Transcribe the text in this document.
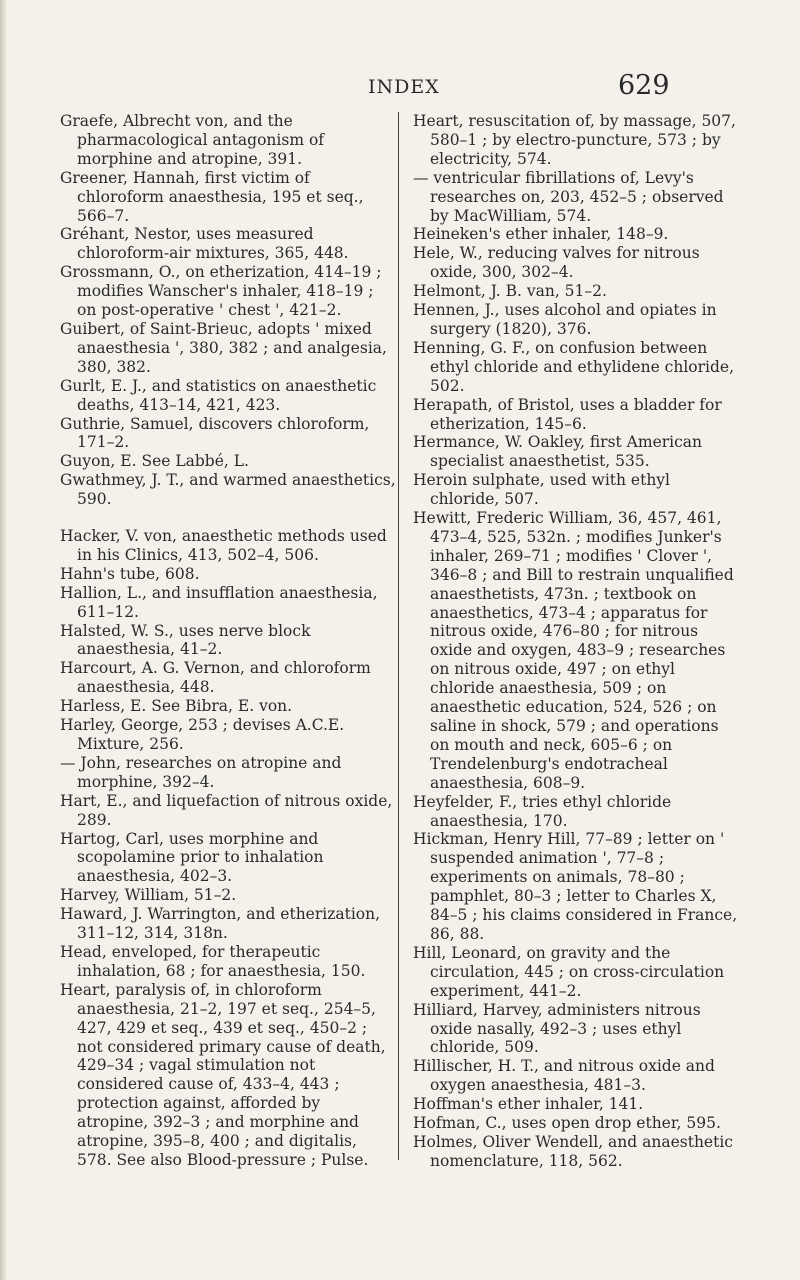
INDEX	629

Graefe, Albrecht von, and the pharmacological antagonism of morphine and atropine, 391.

Greener, Hannah, first victim of chloroform anaesthesia, 195 et seq., 566–7.

Gréhant, Nestor, uses measured chloroform-air mixtures, 365, 448.

Grossmann, O., on etherization, 414–19 ; modifies Wanscher's inhaler, 418–19 ; on post-operative ' chest ', 421–2.

Guibert, of Saint-Brieuc, adopts ' mixed anaesthesia ', 380, 382 ; and analgesia, 380, 382.

Gurlt, E. J., and statistics on anaesthetic deaths, 413–14, 421, 423.

Guthrie, Samuel, discovers chloroform, 171–2.

Guyon, E. See Labbé, L.

Gwathmey, J. T., and warmed anaesthetics, 590.

Hacker, V. von, anaesthetic methods used in his Clinics, 413, 502–4, 506.

Hahn's tube, 608.

Hallion, L., and insufflation anaesthesia, 611–12.

Halsted, W. S., uses nerve block anaesthesia, 41–2.

Harcourt, A. G. Vernon, and chloroform anaesthesia, 448.

Harless, E. See Bibra, E. von.

Harley, George, 253 ; devises A.C.E. Mixture, 256.

— John, researches on atropine and morphine, 392–4.

Hart, E., and liquefaction of nitrous oxide, 289.

Hartog, Carl, uses morphine and scopolamine prior to inhalation anaesthesia, 402–3.

Harvey, William, 51–2.

Haward, J. Warrington, and etherization, 311–12, 314, 318n.

Head, enveloped, for therapeutic inhalation, 68 ; for anaesthesia, 150.

Heart, paralysis of, in chloroform anaesthesia, 21–2, 197 et seq., 254–5, 427, 429 et seq., 439 et seq., 450–2 ; not considered primary cause of death, 429–34 ; vagal stimulation not considered cause of, 433–4, 443 ; protection against, afforded by atropine, 392–3 ; and morphine and atropine, 395–8, 400 ; and digitalis, 578. See also Blood-pressure ; Pulse.

Heart, resuscitation of, by massage, 507, 580–1 ; by electro-puncture, 573 ; by electricity, 574.

— ventricular fibrillations of, Levy's researches on, 203, 452–5 ; observed by MacWilliam, 574.

Heineken's ether inhaler, 148–9.

Hele, W., reducing valves for nitrous oxide, 300, 302–4.

Helmont, J. B. van, 51–2.

Hennen, J., uses alcohol and opiates in surgery (1820), 376.

Henning, G. F., on confusion between ethyl chloride and ethylidene chloride, 502.

Herapath, of Bristol, uses a bladder for etherization, 145–6.

Hermance, W. Oakley, first American specialist anaesthetist, 535.

Heroin sulphate, used with ethyl chloride, 507.

Hewitt, Frederic William, 36, 457, 461, 473–4, 525, 532n. ; modifies Junker's inhaler, 269–71 ; modifies ' Clover ', 346–8 ; and Bill to restrain unqualified anaesthetists, 473n. ; textbook on anaesthetics, 473–4 ; apparatus for nitrous oxide, 476–80 ; for nitrous oxide and oxygen, 483–9 ; researches on nitrous oxide, 497 ; on ethyl chloride anaesthesia, 509 ; on anaesthetic education, 524, 526 ; on saline in shock, 579 ; and operations on mouth and neck, 605–6 ; on Trendelenburg's endotracheal anaesthesia, 608–9.

Heyfelder, F., tries ethyl chloride anaesthesia, 170.

Hickman, Henry Hill, 77–89 ; letter on ' suspended animation ', 77–8 ; experiments on animals, 78–80 ; pamphlet, 80–3 ; letter to Charles X, 84–5 ; his claims considered in France, 86, 88.

Hill, Leonard, on gravity and the circulation, 445 ; on cross-circulation experiment, 441–2.

Hilliard, Harvey, administers nitrous oxide nasally, 492–3 ; uses ethyl chloride, 509.

Hillischer, H. T., and nitrous oxide and oxygen anaesthesia, 481–3.

Hoffman's ether inhaler, 141.

Hofman, C., uses open drop ether, 595.

Holmes, Oliver Wendell, and anaesthetic nomenclature, 118, 562.
